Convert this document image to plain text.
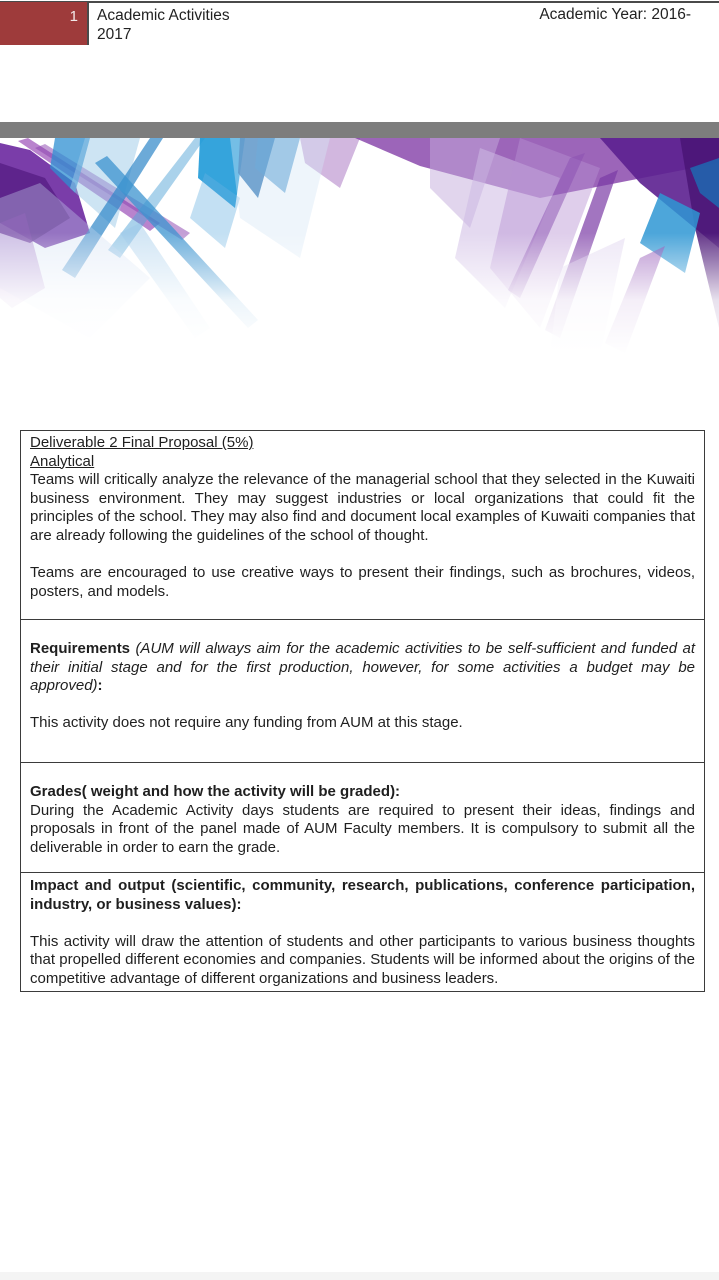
1 Academic Activities
2017
Academic Year: 2016-
Deliverable 2 Final Proposal (5%)
Analytical

Teams will critically analyze the relevance of the managerial school that they selected in the Kuwaiti business environment. They may suggest industries or local organizations that could fit the principles of the school. They may also find and document local examples of Kuwaiti companies that are already following the guidelines of the school of thought.

Teams are encouraged to use creative ways to present their findings, such as brochures, videos, posters, and models.

Requirements (AUM will always aim for the academic activities to be self-sufficient and funded at their initial stage and for the first production, however, for some activities a budget may be approved):

This activity does not require any funding from AUM at this stage.

Grades( weight and how the activity will be graded):

During the Academic Activity days students are required to present their ideas, findings and proposals in front of the panel made of AUM Faculty members. It is compulsory to submit all the deliverable in order to earn the grade.

Impact and output (scientific, community, research, publications, conference participation, industry, or business values):

This activity will draw the attention of students and other participants to various business thoughts that propelled different economies and companies. Students will be informed about the origins of the competitive advantage of different organizations and business leaders.
